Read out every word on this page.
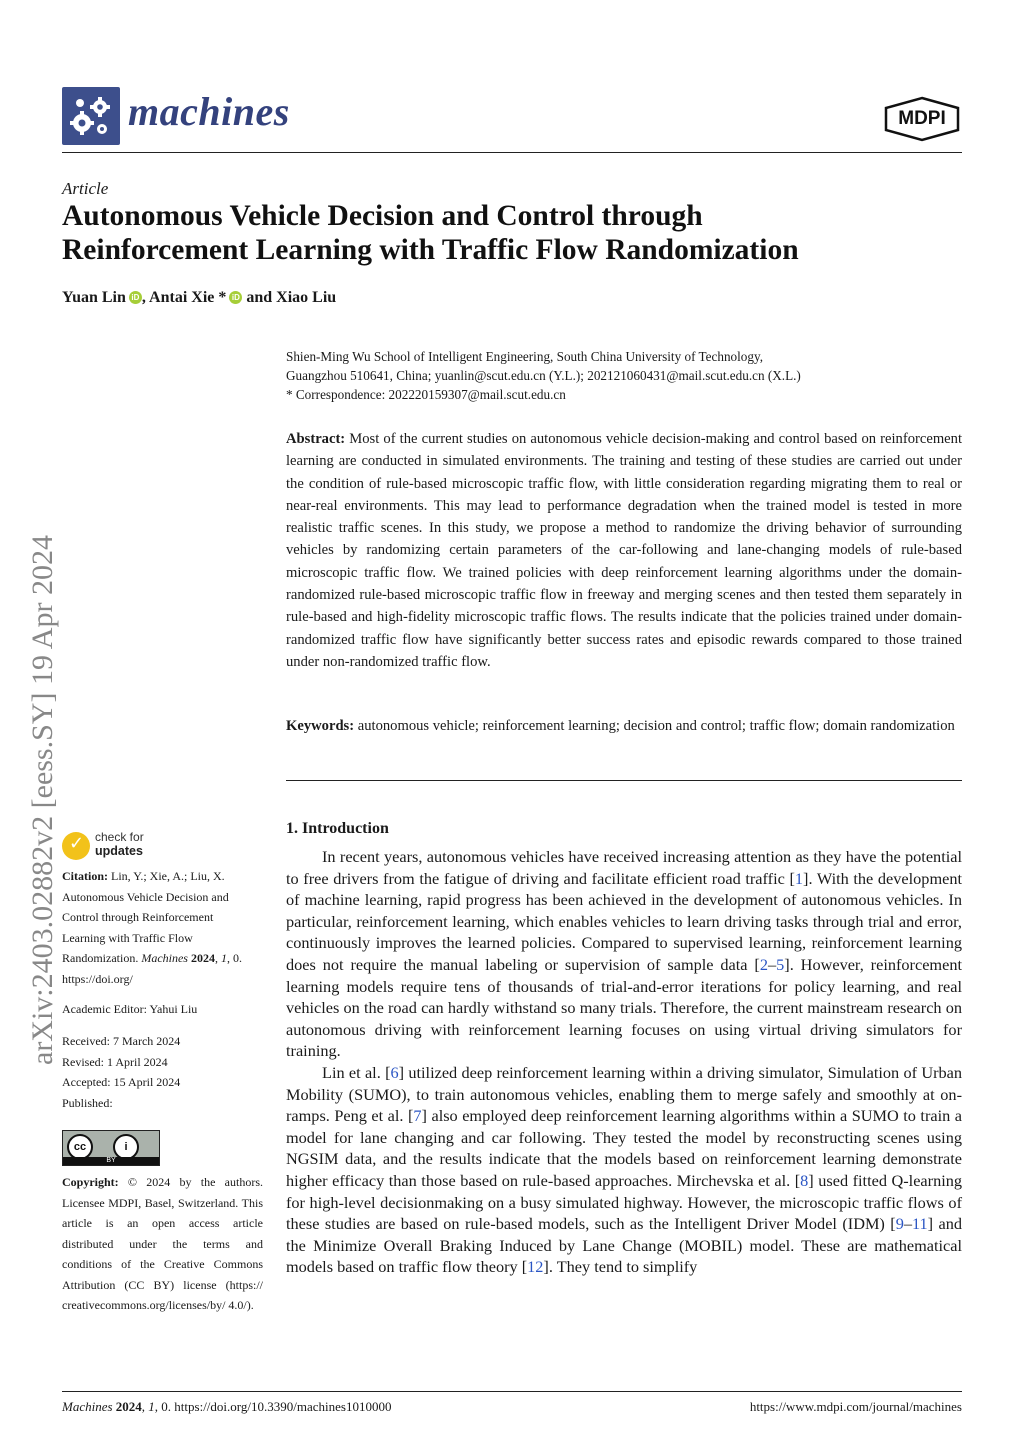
machines	MDPI
Article
Autonomous Vehicle Decision and Control through
Reinforcement Learning with Traffic Flow Randomization
Yuan Lin iD , Antai Xie * iD and Xiao Liu
Shien-Ming Wu School of Intelligent Engineering, South China University of Technology,
Guangzhou 510641, China; yuanlin@scut.edu.cn (Y.L.); 202121060431@mail.scut.edu.cn (X.L.)
* Correspondence: 202220159307@mail.scut.edu.cn
Abstract: Most of the current studies on autonomous vehicle decision-making and control based on reinforcement learning are conducted in simulated environments. The training and testing of these studies are carried out under the condition of rule-based microscopic traffic flow, with little consideration regarding migrating them to real or near-real environments. This may lead to performance degradation when the trained model is tested in more realistic traffic scenes. In this study, we propose a method to randomize the driving behavior of surrounding vehicles by randomizing certain parameters of the car-following and lane-changing models of rule-based microscopic traffic flow. We trained policies with deep reinforcement learning algorithms under the domain-randomized rule-based microscopic traffic flow in freeway and merging scenes and then tested them separately in rule-based and high-fidelity microscopic traffic flows. The results indicate that the policies trained under domain-randomized traffic flow have significantly better success rates and episodic rewards compared to those trained under non-randomized traffic flow.
Keywords: autonomous vehicle; reinforcement learning; decision and control; traffic flow; domain randomization
1. Introduction

In recent years, autonomous vehicles have received increasing attention as they have the potential to free drivers from the fatigue of driving and facilitate efficient road traffic [1]. With the development of machine learning, rapid progress has been achieved in the development of autonomous vehicles. In particular, reinforcement learning, which enables vehicles to learn driving tasks through trial and error, continuously improves the learned policies. Compared to supervised learning, reinforcement learning does not require the manual labeling or supervision of sample data [2–5]. However, reinforcement learning models require tens of thousands of trial-and-error iterations for policy learning, and real vehicles on the road can hardly withstand so many trials. Therefore, the current mainstream research on autonomous driving with reinforcement learning focuses on using virtual driving simulators for training.

Lin et al. [6] utilized deep reinforcement learning within a driving simulator, Simulation of Urban Mobility (SUMO), to train autonomous vehicles, enabling them to merge safely and smoothly at on-ramps. Peng et al. [7] also employed deep reinforcement learning algorithms within a SUMO to train a model for lane changing and car following. They tested the model by reconstructing scenes using NGSIM data, and the results indicate that the models based on reinforcement learning demonstrate higher efficacy than those based on rule-based approaches. Mirchevska et al. [8] used fitted Q-learning for high-level decisionmaking on a busy simulated highway. However, the microscopic traffic flows of these studies are based on rule-based models, such as the Intelligent Driver Model (IDM) [9–11] and the Minimize Overall Braking Induced by Lane Change (MOBIL) model. These are mathematical models based on traffic flow theory [12]. They tend to simplify

arXiv:2403.02882v2 [eess.SY] 19 Apr 2024 ✓ check for
updates
Citation: Lin, Y.; Xie, A.; Liu, X.
Autonomous Vehicle Decision and
Control through Reinforcement
Learning with Traffic Flow
Randomization. Machines 2024, 1, 0.
https://doi.org/
Academic Editor: Yahui Liu
Received: 7 March 2024
Revised: 1 April 2024
Accepted: 15 April 2024
Published:
cc	i
BY
Copyright: © 2024 by the authors. Licensee MDPI, Basel, Switzerland. This article is an open access article distributed under the terms and conditions of the Creative Commons Attribution (CC BY) license (https:// creativecommons.org/licenses/by/ 4.0/).
Machines 2024, 1, 0. https://doi.org/10.3390/machines1010000	https://www.mdpi.com/journal/machines
